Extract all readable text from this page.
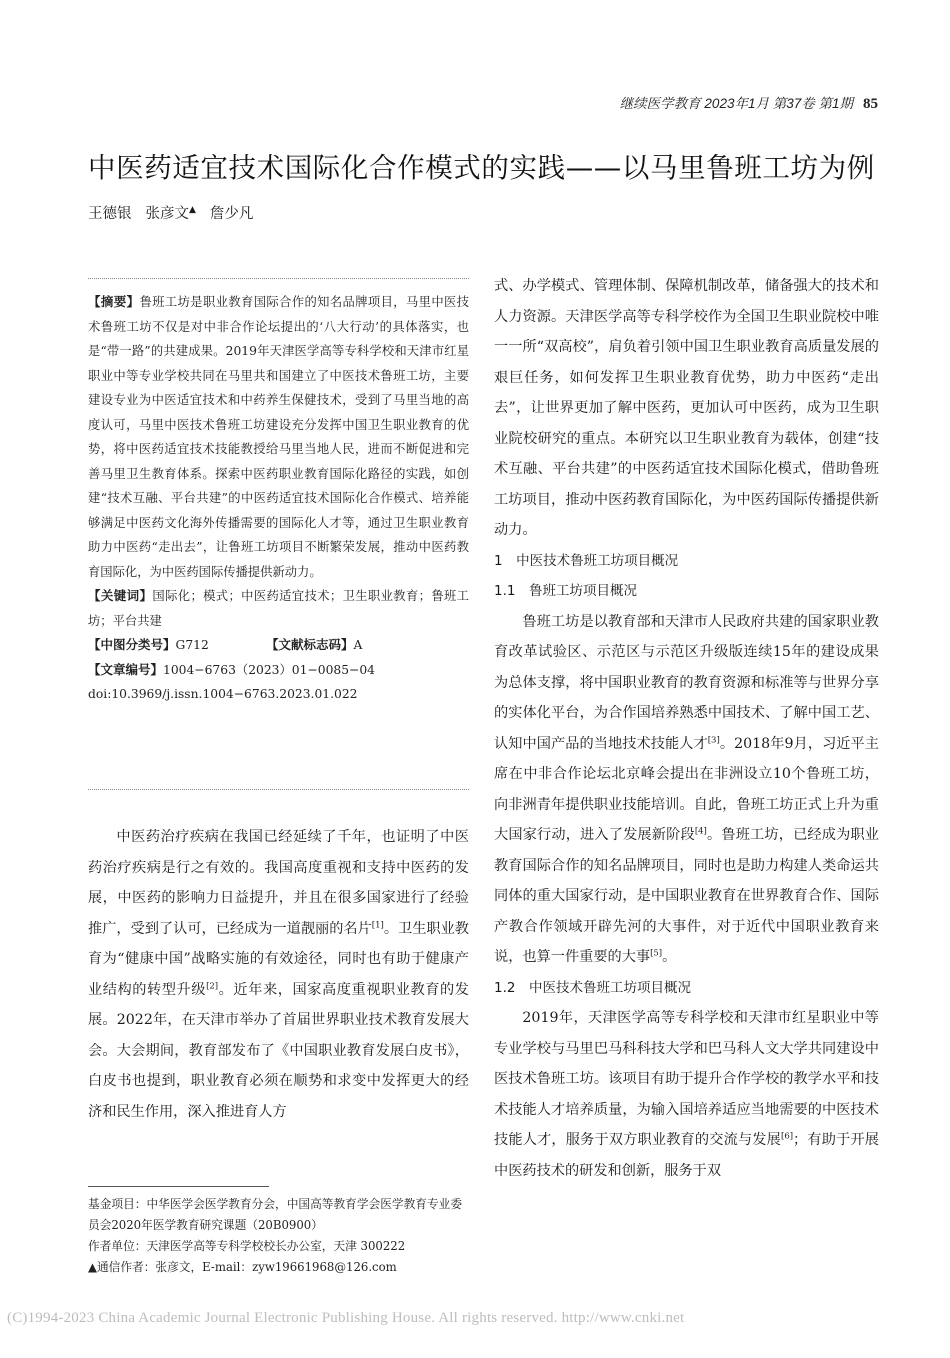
继续医学教育 2023年1月 第37卷 第1期 85
中医药适宜技术国际化合作模式的实践——以马里鲁班工坊为例
王德银 张彦文▲ 詹少凡

【摘要】鲁班工坊是职业教育国际合作的知名品牌项目，马里中医技术鲁班工坊不仅是对中非合作论坛提出的‘八大行动’的具体落实，也是“带一路”的共建成果。2019年天津医学高等专科学校和天津市红星职业中等专业学校共同在马里共和国建立了中医技术鲁班工坊，主要建设专业为中医适宜技术和中药养生保健技术，受到了马里当地的高度认可，马里中医技术鲁班工坊建设充分发挥中国卫生职业教育的优势，将中医药适宜技术技能教授给马里当地人民，进而不断促进和完善马里卫生教育体系。探索中医药职业教育国际化路径的实践，如创建“技术互融、平台共建”的中医药适宜技术国际化合作模式、培养能够满足中医药文化海外传播需要的国际化人才等，通过卫生职业教育助力中医药“走出去”，让鲁班工坊项目不断繁荣发展，推动中医药教育国际化，为中医药国际传播提供新动力。

【关键词】国际化；模式；中医药适宜技术；卫生职业教育；鲁班工坊；平台共建

【中图分类号】G712	【文献标志码】A

【文章编号】1004−6763（2023）01−0085−04

doi:10.3969/j.issn.1004−6763.2023.01.022

中医药治疗疾病在我国已经延续了千年，也证明了中医药治疗疾病是行之有效的。我国高度重视和支持中医药的发展，中医药的影响力日益提升，并且在很多国家进行了经验推广，受到了认可，已经成为一道靓丽的名片[1]。卫生职业教育为“健康中国”战略实施的有效途径，同时也有助于健康产业结构的转型升级[2]。近年来，国家高度重视职业教育的发展。2022年，在天津市举办了首届世界职业技术教育发展大会。大会期间，教育部发布了《中国职业教育发展白皮书》，白皮书也提到，职业教育必须在顺势和求变中发挥更大的经济和民生作用，深入推进育人方

基金项目：中华医学会医学教育分会，中国高等教育学会医学教育专业委员会2020年医学教育研究课题（20B0900）

作者单位：天津医学高等专科学校校长办公室，天津 300222

▲通信作者：张彦文，E-mail：zyw19661968@126.com

式、办学模式、管理体制、保障机制改革，储备强大的技术和人力资源。天津医学高等专科学校作为全国卫生职业院校中唯一一所“双高校”，肩负着引领中国卫生职业教育高质量发展的艰巨任务，如何发挥卫生职业教育优势，助力中医药“走出去”，让世界更加了解中医药，更加认可中医药，成为卫生职业院校研究的重点。本研究以卫生职业教育为载体，创建“技术互融、平台共建”的中医药适宜技术国际化模式，借助鲁班工坊项目，推动中医药教育国际化，为中医药国际传播提供新动力。

1　中医技术鲁班工坊项目概况

1.1　鲁班工坊项目概况

鲁班工坊是以教育部和天津市人民政府共建的国家职业教育改革试验区、示范区与示范区升级版连续15年的建设成果为总体支撑，将中国职业教育的教育资源和标准等与世界分享的实体化平台，为合作国培养熟悉中国技术、了解中国工艺、认知中国产品的当地技术技能人才[3]。2018年9月，习近平主席在中非合作论坛北京峰会提出在非洲设立10个鲁班工坊，向非洲青年提供职业技能培训。自此，鲁班工坊正式上升为重大国家行动，进入了发展新阶段[4]。鲁班工坊，已经成为职业教育国际合作的知名品牌项目，同时也是助力构建人类命运共同体的重大国家行动，是中国职业教育在世界教育合作、国际产教合作领域开辟先河的大事件，对于近代中国职业教育来说，也算一件重要的大事[5]。

1.2　中医技术鲁班工坊项目概况

2019年，天津医学高等专科学校和天津市红星职业中等专业学校与马里巴马科科技大学和巴马科人文大学共同建设中医技术鲁班工坊。该项目有助于提升合作学校的教学水平和技术技能人才培养质量，为输入国培养适应当地需要的中医技术技能人才，服务于双方职业教育的交流与发展[6]；有助于开展中医药技术的研发和创新，服务于双

(C)1994-2023 China Academic Journal Electronic Publishing House. All rights reserved. http://www.cnki.net
